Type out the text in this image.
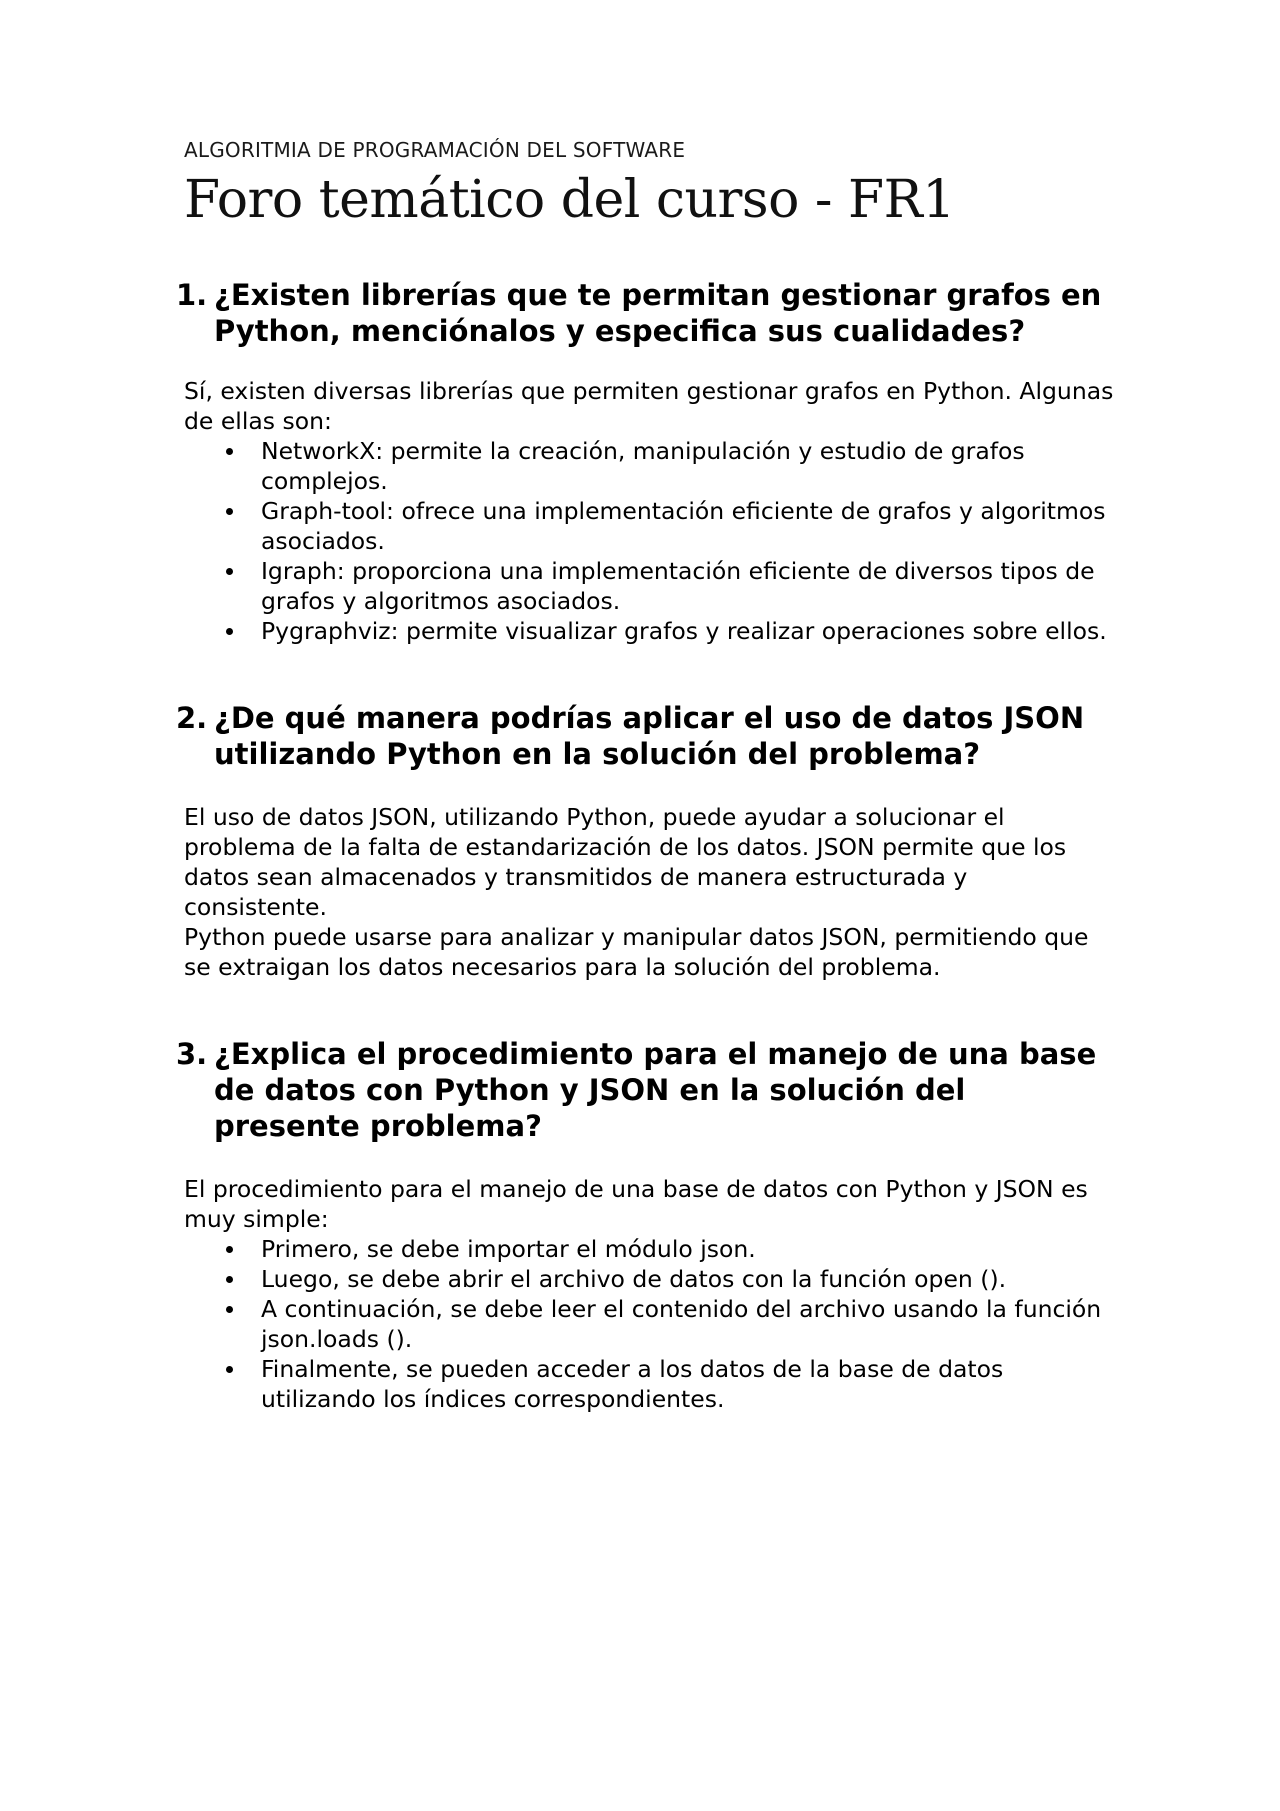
ALGORITMIA DE PROGRAMACIÓN DEL SOFTWARE

Foro temático del curso - FR1
1. ¿Existen librerías que te permitan gestionar grafos en Python, menciónalos y especifica sus cualidades?

Sí, existen diversas librerías que permiten gestionar grafos en Python. Algunas de ellas son:

NetworkX: permite la creación, manipulación y estudio de grafos complejos.
Graph-tool: ofrece una implementación eficiente de grafos y algoritmos asociados.
Igraph: proporciona una implementación eficiente de diversos tipos de grafos y algoritmos asociados.
Pygraphviz: permite visualizar grafos y realizar operaciones sobre ellos.
2. ¿De qué manera podrías aplicar el uso de datos JSON utilizando Python en la solución del problema?

El uso de datos JSON, utilizando Python, puede ayudar a solucionar el problema de la falta de estandarización de los datos. JSON permite que los datos sean almacenados y transmitidos de manera estructurada y consistente.

Python puede usarse para analizar y manipular datos JSON, permitiendo que se extraigan los datos necesarios para la solución del problema.

3. ¿Explica el procedimiento para el manejo de una base de datos con Python y JSON en la solución del presente problema?

El procedimiento para el manejo de una base de datos con Python y JSON es muy simple:

Primero, se debe importar el módulo json.
Luego, se debe abrir el archivo de datos con la función open ().
A continuación, se debe leer el contenido del archivo usando la función json.loads ().
Finalmente, se pueden acceder a los datos de la base de datos utilizando los índices correspondientes.
